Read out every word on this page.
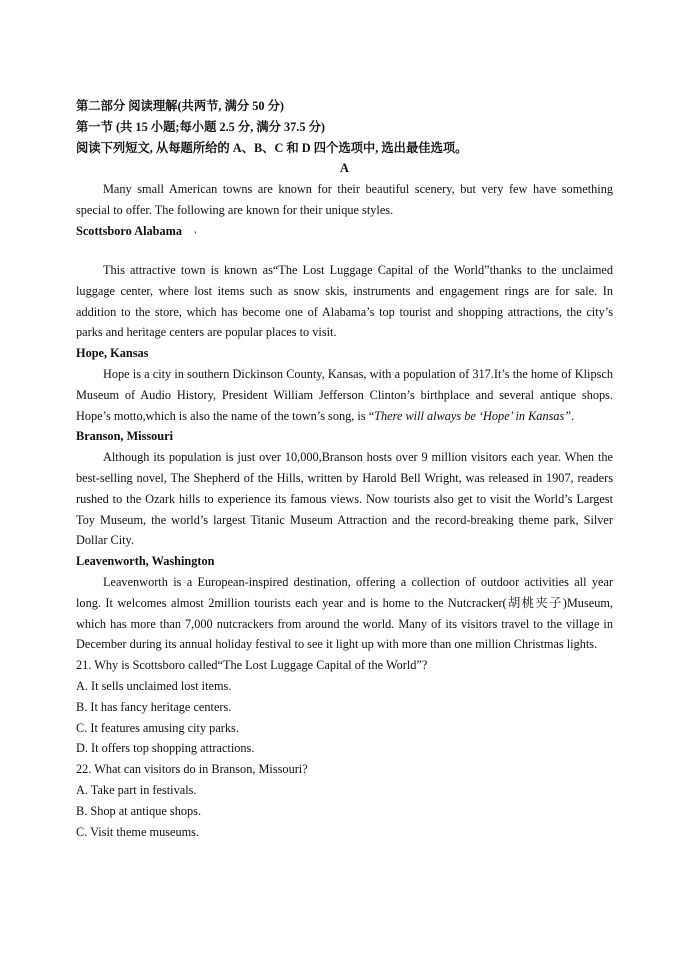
第二部分 阅读理解(共两节, 满分 50 分)
第一节 (共 15 小题;每小题 2.5 分, 满分 37.5 分)
阅读下列短文, 从每题所给的 A、B、C 和 D 四个选项中, 选出最佳选项。
A

Many small American towns are known for their beautiful scenery, but very few have something special to offer. The following are known for their unique styles.

Scottsboro Alabama '

This attractive town is known as“The Lost Luggage Capital of the World”thanks to the unclaimed luggage center, where lost items such as snow skis, instruments and engagement rings are for sale. In addition to the store, which has become one of Alabama’s top tourist and shopping attractions, the city’s parks and heritage centers are popular places to visit.

Hope, Kansas

Hope is a city in southern Dickinson County, Kansas, with a population of 317.It’s the home of Klipsch Museum of Audio History, President William Jefferson Clinton’s birthplace and several antique shops. Hope’s motto,which is also the name of the town’s song, is “There will always be ‘Hope’ in Kansas”.

Branson, Missouri

Although its population is just over 10,000,Branson hosts over 9 million visitors each year. When the best-selling novel, The Shepherd of the Hills, written by Harold Bell Wright, was released in 1907, readers rushed to the Ozark hills to experience its famous views. Now tourists also get to visit the World’s Largest Toy Museum, the world’s largest Titanic Museum Attraction and the record-breaking theme park, Silver Dollar City.

Leavenworth, Washington

Leavenworth is a European-inspired destination, offering a collection of outdoor activities all year long. It welcomes almost 2million tourists each year and is home to the Nutcracker(胡桃夹子)Museum, which has more than 7,000 nutcrackers from around the world. Many of its visitors travel to the village in December during its annual holiday festival to see it light up with more than one million Christmas lights.

21. Why is Scottsboro called“The Lost Luggage Capital of the World”?

A. It sells unclaimed lost items.

B. It has fancy heritage centers.

C. It features amusing city parks.

D. It offers top shopping attractions.

22. What can visitors do in Branson, Missouri?

A. Take part in festivals.

B. Shop at antique shops.

C. Visit theme museums.
